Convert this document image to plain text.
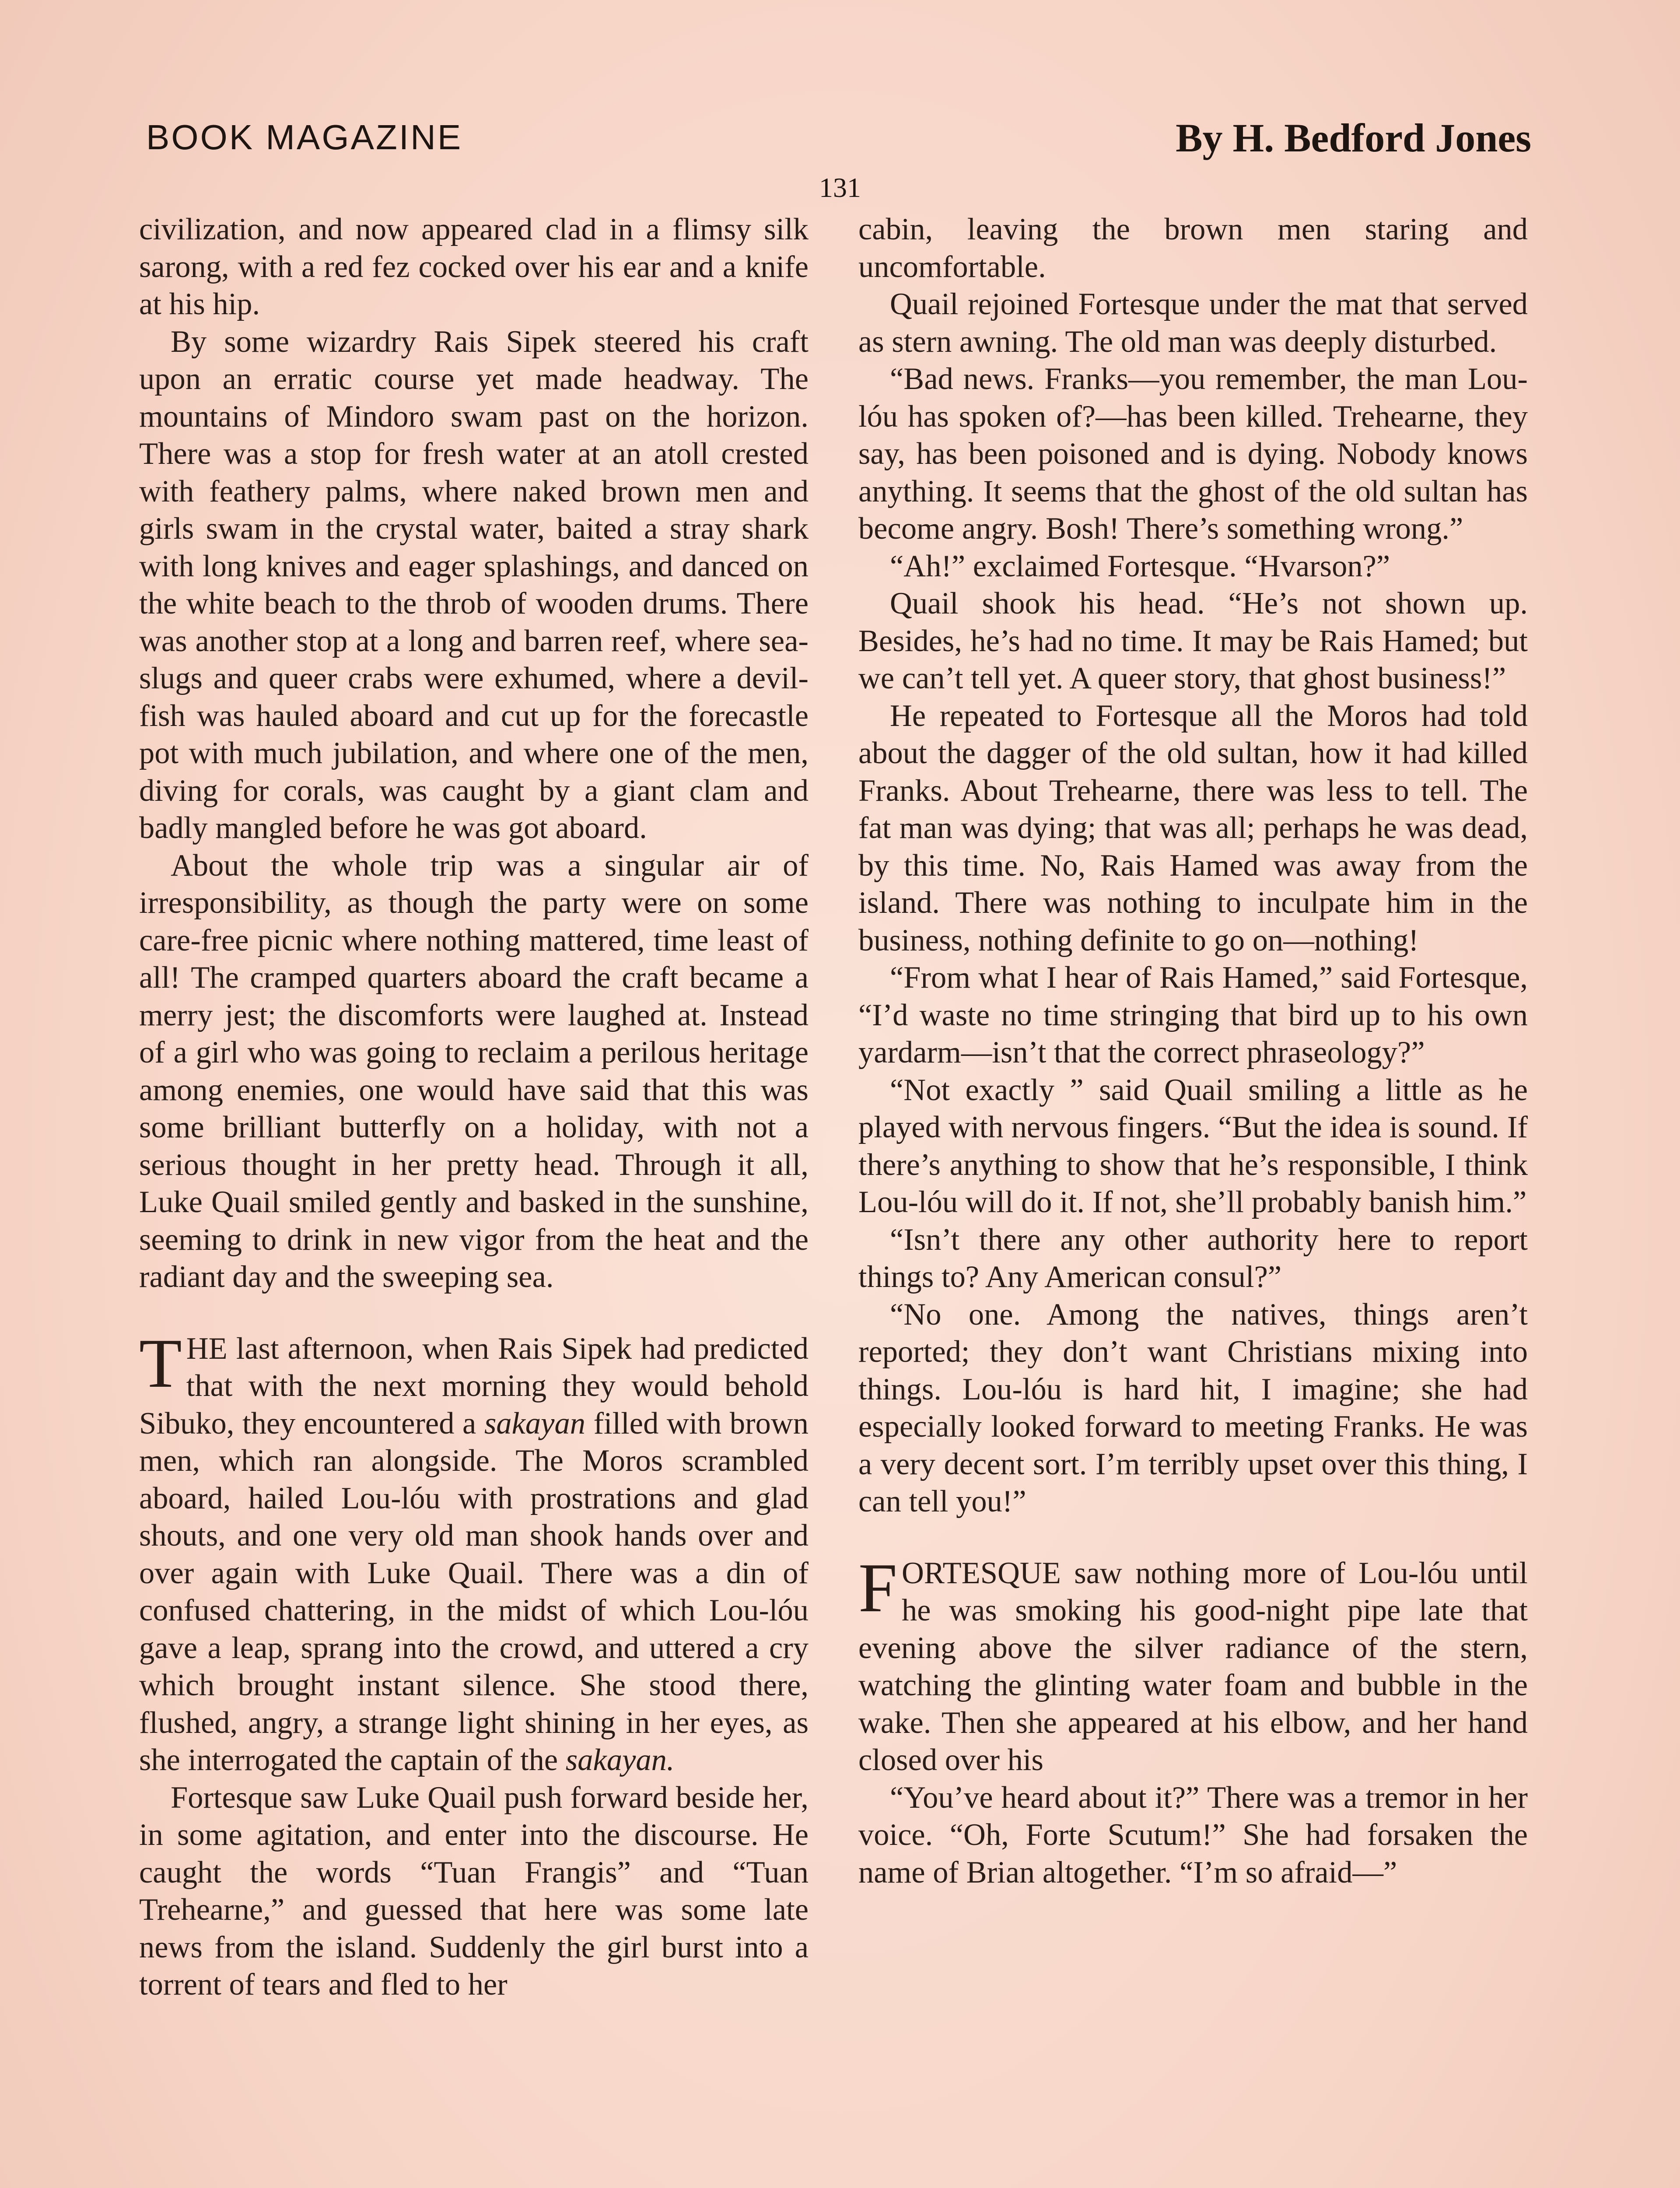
BOOK MAGAZINE	By H. Bedford Jones
131

civilization, and now appeared clad in a flimsy silk sarong, with a red fez cocked over his ear and a knife at his hip.

By some wizardry Rais Sipek steered his craft upon an erratic course yet made headway. The mountains of Mindoro swam past on the horizon. There was a stop for fresh water at an atoll crested with feathery palms, where naked brown men and girls swam in the crystal water, baited a stray shark with long knives and eager splashings, and danced on the white beach to the throb of wooden drums. There was another stop at a long and barren reef, where sea-slugs and queer crabs were exhumed, where a devil-fish was hauled aboard and cut up for the forecastle pot with much jubilation, and where one of the men, diving for corals, was caught by a giant clam and badly mangled before he was got aboard.

About the whole trip was a singular air of irresponsibility, as though the party were on some care-free picnic where nothing mattered, time least of all! The cramped quarters aboard the craft became a merry jest; the discomforts were laughed at. Instead of a girl who was going to reclaim a perilous heritage among enemies, one would have said that this was some brilliant butterfly on a holiday, with not a serious thought in her pretty head. Through it all, Luke Quail smiled gently and basked in the sunshine, seeming to drink in new vigor from the heat and the radiant day and the sweeping sea.

THE last afternoon, when Rais Sipek had predicted that with the next morning they would behold Sibuko, they encountered a sakayan filled with brown men, which ran alongside. The Moros scrambled aboard, hailed Lou-lóu with prostrations and glad shouts, and one very old man shook hands over and over again with Luke Quail. There was a din of confused chattering, in the midst of which Lou-lóu gave a leap, sprang into the crowd, and uttered a cry which brought instant silence. She stood there, flushed, angry, a strange light shining in her eyes, as she interrogated the captain of the sakayan.

Fortesque saw Luke Quail push forward beside her, in some agitation, and enter into the discourse. He caught the words “Tuan Frangis” and “Tuan Trehearne,” and guessed that here was some late news from the island. Suddenly the girl burst into a torrent of tears and fled to her

cabin, leaving the brown men staring and uncomfortable.

Quail rejoined Fortesque under the mat that served as stern awning. The old man was deeply disturbed.

“Bad news. Franks—you remember, the man Lou-lóu has spoken of?—has been killed. Trehearne, they say, has been poisoned and is dying. Nobody knows anything. It seems that the ghost of the old sultan has become angry. Bosh! There’s something wrong.”

“Ah!” exclaimed Fortesque. “Hvarson?”

Quail shook his head. “He’s not shown up. Besides, he’s had no time. It may be Rais Hamed; but we can’t tell yet. A queer story, that ghost business!”

He repeated to Fortesque all the Moros had told about the dagger of the old sultan, how it had killed Franks. About Trehearne, there was less to tell. The fat man was dying; that was all; perhaps he was dead, by this time. No, Rais Hamed was away from the island. There was nothing to inculpate him in the business, nothing definite to go on—nothing!

“From what I hear of Rais Hamed,” said Fortesque, “I’d waste no time stringing that bird up to his own yardarm—isn’t that the correct phraseology?”

“Not exactly ” said Quail smiling a little as he played with nervous fingers. “But the idea is sound. If there’s anything to show that he’s responsible, I think Lou-lóu will do it. If not, she’ll probably banish him.”

“Isn’t there any other authority here to report things to? Any American consul?”

“No one. Among the natives, things aren’t reported; they don’t want Christians mixing into things. Lou-lóu is hard hit, I imagine; she had especially looked forward to meeting Franks. He was a very decent sort. I’m terribly upset over this thing, I can tell you!”

FORTESQUE saw nothing more of Lou-lóu until he was smoking his good-night pipe late that evening above the silver radiance of the stern, watching the glinting water foam and bubble in the wake. Then she appeared at his elbow, and her hand closed over his

“You’ve heard about it?” There was a tremor in her voice. “Oh, Forte Scutum!” She had forsaken the name of Brian altogether. “I’m so afraid—”
